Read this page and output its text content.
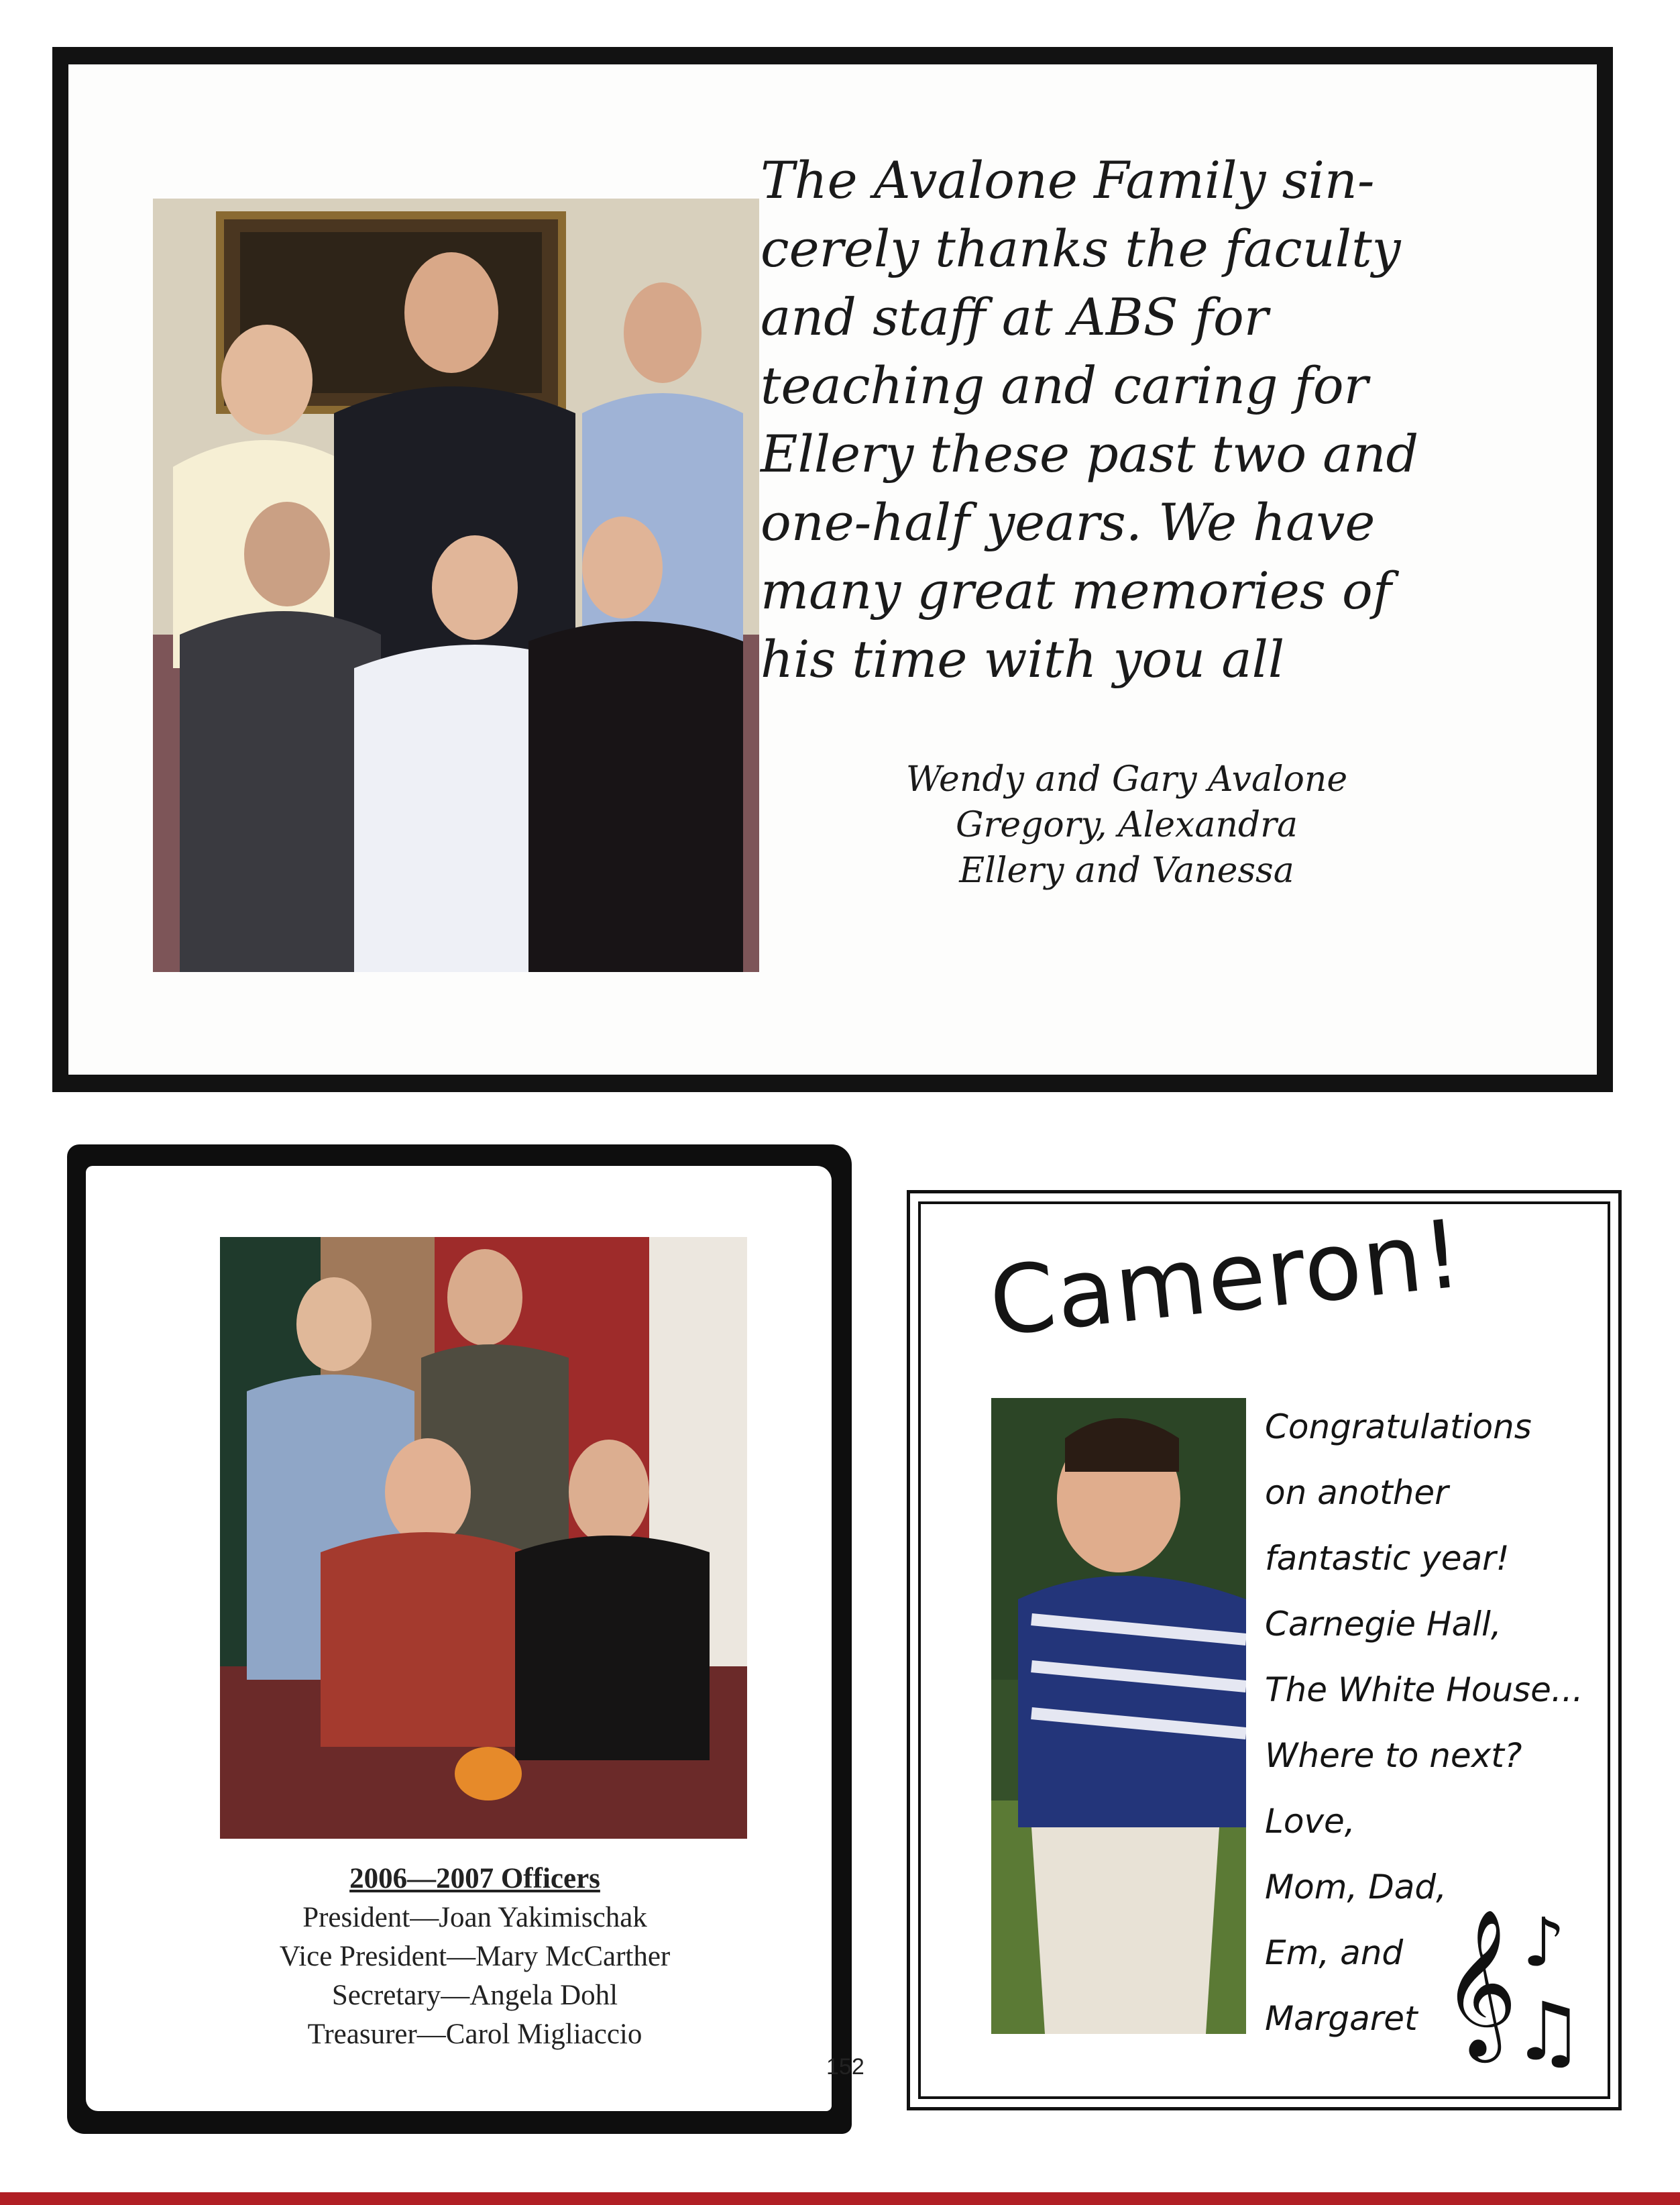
The Avalone Family sin-
cerely thanks the faculty
and staff at ABS for
teaching and caring for
Ellery these past two and
one-half years. We have
many great memories of
his time with you all

Wendy and Gary Avalone
Gregory, Alexandra
Ellery and Vanessa
2006—2007 Officers
President—Joan Yakimischak
Vice President—Mary McCarther
Secretary—Angela Dohl
Treasurer—Carol Migliaccio
152
Cameron!
Congratulations
on another
fantastic year!
Carnegie Hall,
The White House...
Where to next?
Love,
Mom, Dad,
Em, and
Margaret 𝄞 ♪
♫
